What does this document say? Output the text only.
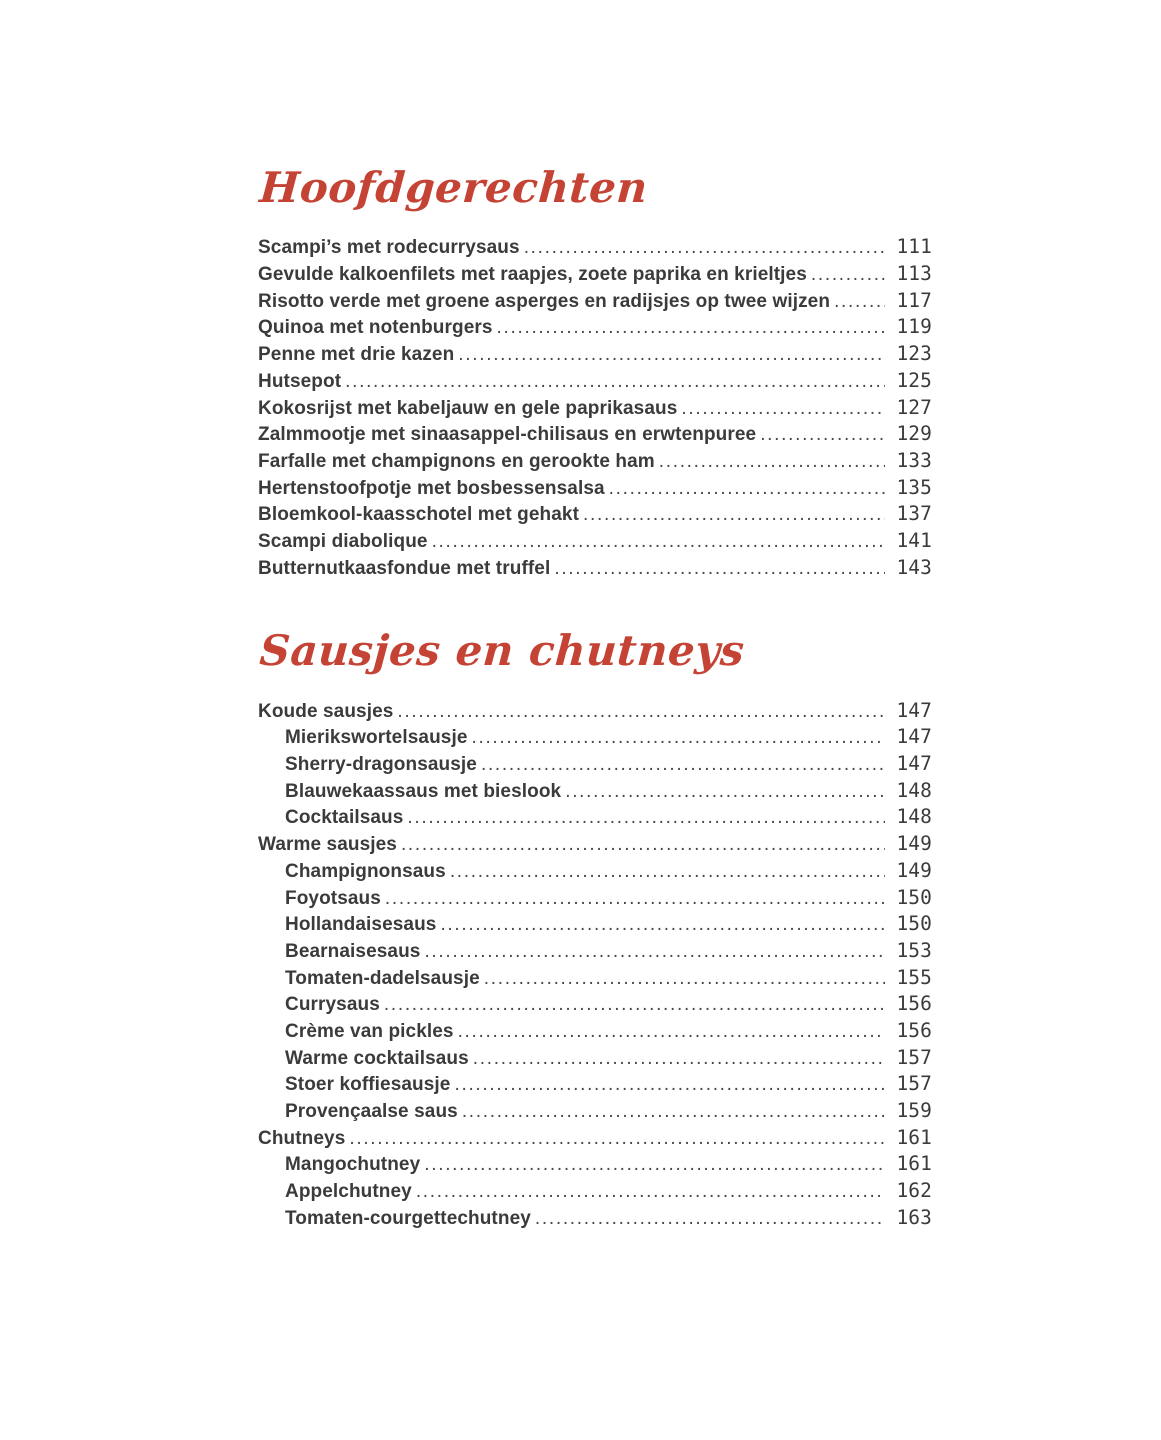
Hoofdgerechten
Scampi’s met rodecurrysaus .....	111
Gevulde kalkoenfilets met raapjes, zoete paprika en krieltjes .....	113
Risotto verde met groene asperges en radijsjes op twee wijzen .....	117
Quinoa met notenburgers .....	119
Penne met drie kazen .....	123
Hutsepot .....	125
Kokosrijst met kabeljauw en gele paprikasaus .....	127
Zalmmootje met sinaasappel-chilisaus en erwtenpuree .....	129
Farfalle met champignons en gerookte ham .....	133
Hertenstoofpotje met bosbessensalsa .....	135
Bloemkool-kaasschotel met gehakt .....	137
Scampi diabolique .....	141
Butternutkaasfondue met truffel .....	143
Sausjes en chutneys
Koude sausjes .....	147
Mierikswortelsausje .....	147
Sherry-dragonsausje .....	147
Blauwekaassaus met bieslook .....	148
Cocktailsaus .....	148
Warme sausjes .....	149
Champignonsaus .....	149
Foyotsaus .....	150
Hollandaisesaus .....	150
Bearnaisesaus .....	153
Tomaten-dadelsausje .....	155
Currysaus .....	156
Crème van pickles .....	156
Warme cocktailsaus .....	157
Stoer koffiesausje .....	157
Provençaalse saus .....	159
Chutneys .....	161
Mangochutney .....	161
Appelchutney .....	162
Tomaten-courgettechutney .....	163
